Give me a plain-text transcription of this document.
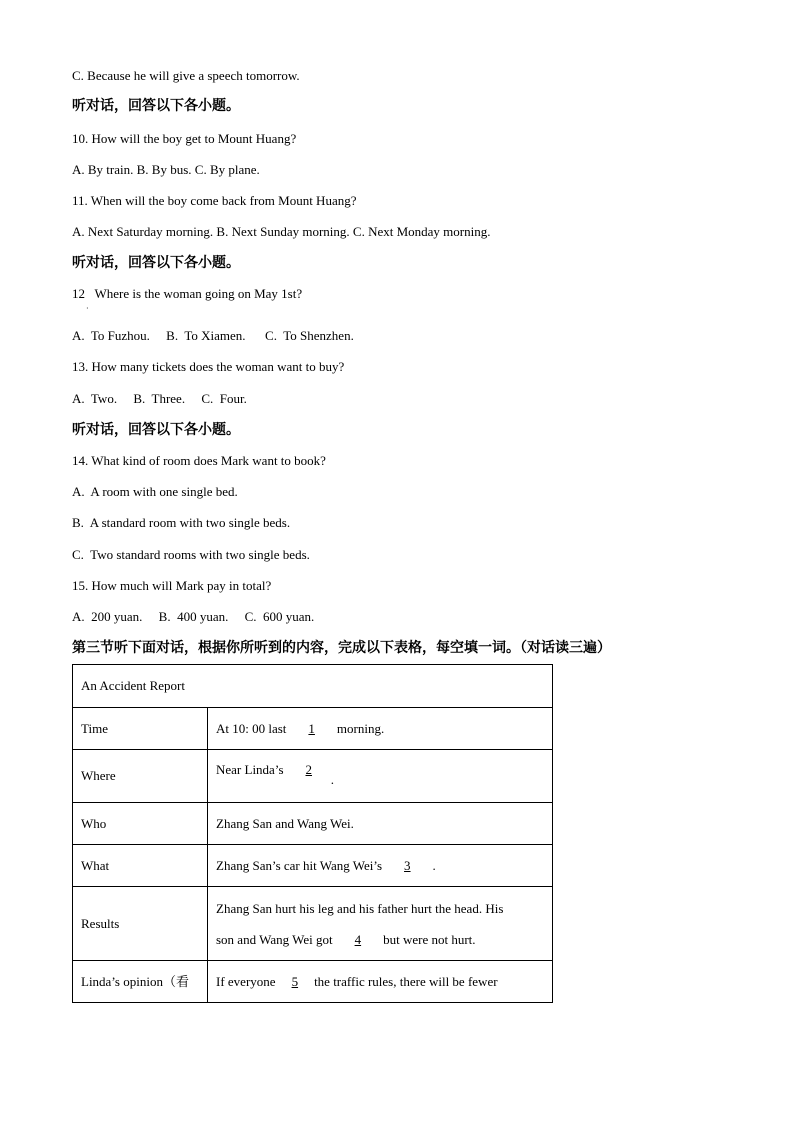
C. Because he will give a speech tomorrow.
听对话，回答以下各小题。
10. How will the boy get to Mount Huang?
A. By train. B. By bus. C. By plane.
11. When will the boy come back from Mount Huang?
A. Next Saturday morning. B. Next Sunday morning. C. Next Monday morning.
听对话，回答以下各小题。
12   Where is the woman going on May 1st?
·
A.  To Fuzhou.     B.  To Xiamen.      C.  To Shenzhen.
13. How many tickets does the woman want to buy?
A.  Two.     B.  Three.     C.  Four.
听对话，回答以下各小题。
14. What kind of room does Mark want to book?
A.  A room with one single bed.
B.  A standard room with two single beds.
C.  Two standard rooms with two single beds.
15. How much will Mark pay in total?
A.  200 yuan.     B.  400 yuan.     C.  600 yuan.
第三节听下面对话，根据你所听到的内容，完成以下表格，每空填一词。（对话读三遍）
An Accident Report	
Time	At 10: 00 last 1 morning.
Where	Near Linda’s 2.
Who	Zhang San and Wang Wei.
What	Zhang San’s car hit Wang Wei’s 3 .
Results	Zhang San hurt his leg and his father hurt the head. His
son and Wang Wei got 4 but were not hurt.

Linda’s opinion（看	If everyone 5 the traffic rules, there will be fewer
